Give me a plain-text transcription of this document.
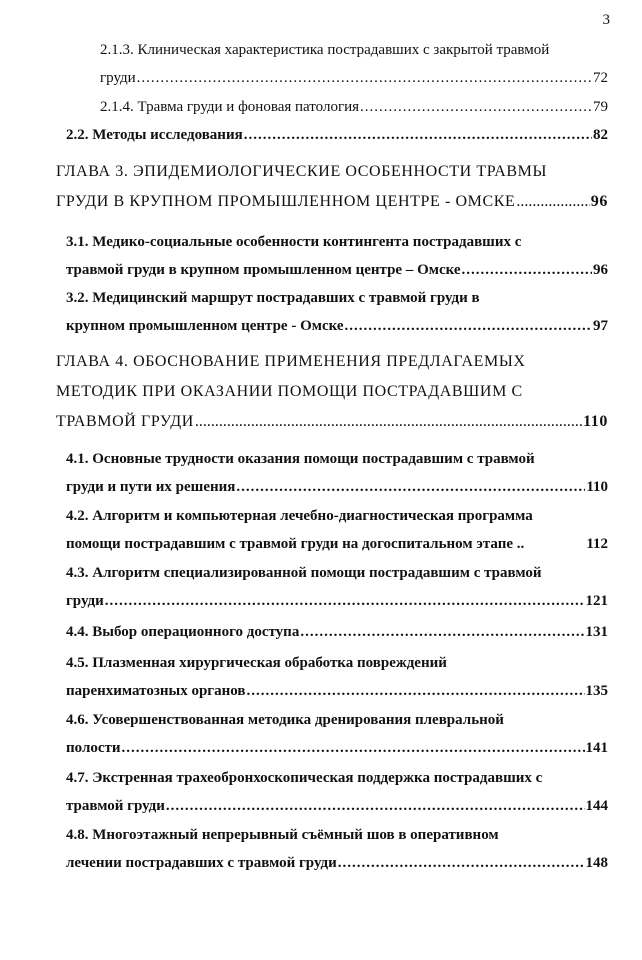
3
2.1.3. Клиническая характеристика пострадавших с закрытой травмой
груди .....	72
2.1.4. Травма груди и фоновая патология .....	79
2.2. Методы исследования .....	82
ГЛАВА 3. ЭПИДЕМИОЛОГИЧЕСКИЕ ОСОБЕННОСТИ ТРАВМЫ
ГРУДИ В КРУПНОМ ПРОМЫШЛЕННОМ ЦЕНТРЕ - ОМСКЕ .....	96
3.1. Медико-социальные особенности контингента пострадавших с
травмой груди в крупном промышленном центре – Омске .....	96
3.2. Медицинский маршрут пострадавших с травмой груди в
крупном промышленном центре - Омске .....	97
ГЛАВА 4. ОБОСНОВАНИЕ ПРИМЕНЕНИЯ ПРЕДЛАГАЕМЫХ
МЕТОДИК ПРИ ОКАЗАНИИ ПОМОЩИ ПОСТРАДАВШИМ С
ТРАВМОЙ ГРУДИ .....	110
4.1. Основные трудности оказания помощи пострадавшим с травмой
груди и пути их решения .....	110
4.2. Алгоритм и компьютерная лечебно-диагностическая программа
помощи пострадавшим с травмой груди на догоспитальном этапе ..	112
4.3. Алгоритм специализированной помощи пострадавшим с травмой
груди .....	121
4.4. Выбор операционного доступа .....	131
4.5. Плазменная хирургическая обработка повреждений
паренхиматозных органов .....	135
4.6. Усовершенствованная методика дренирования плевральной
полости .....	141
4.7. Экстренная трахеобронхоскопическая поддержка пострадавших с
травмой груди .....	144
4.8. Многоэтажный непрерывный съёмный шов в оперативном
лечении пострадавших с травмой груди .....	148
